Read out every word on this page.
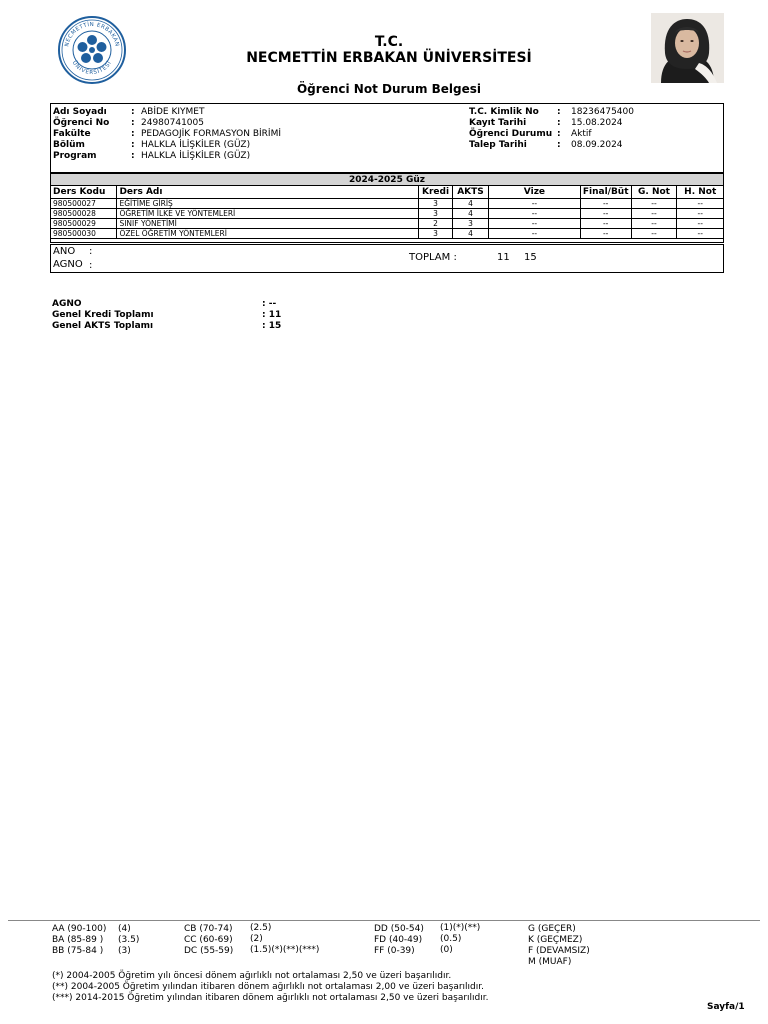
NECMETTİN ERBAKAN
ÜNİVERSİTESİ
T.C.
NECMETTİN ERBAKAN ÜNİVERSİTESİ
Öğrenci Not Durum Belgesi
Adı Soyadı	: ABİDE KIYMET
Öğrenci No : 24980741005
Fakülte	: PEDAGOJİK FORMASYON BİRİMİ
Bölüm	: HALKLA İLİŞKİLER (GÜZ)
Program	: HALKLA İLİŞKİLER (GÜZ)
T.C. Kimlik No : 18236475400
Kayıt Tarihi	: 15.08.2024
Öğrenci Durumu : Aktif
Talep Tarihi	: 08.09.2024
2024-2025 Güz
Ders Kodu	Ders Adı	Kredi	AKTS	Vize	Final/Büt	G. Not	H. Not
980500027	EĞİTİME GİRİŞ	3	4	--	--	--	--
980500028	ÖĞRETİM İLKE VE YÖNTEMLERİ	3	4	--	--	--	--
980500029	SINIF YÖNETİMİ	2	3	--	--	--	--
980500030	ÖZEL ÖĞRETİM YÖNTEMLERİ	3	4	--	--	--	--
ANO :
AGNO :
TOPLAM :	11 15
AGNO	: --
Genel Kredi Toplamı	: 11
Genel AKTS Toplamı	: 15
AA (90-100) (4)
BA (85-89 ) (3.5)
BB (75-84 ) (3)
CB (70-74) (2.5)
CC (60-69) (2)
DC (55-59) (1.5)(*)(**)(***)
DD (50-54) (1)(*)(**)
FD (40-49) (0.5)
FF (0-39)	(0)
G (GEÇER)
K (GEÇMEZ)
F (DEVAMSIZ)
M (MUAF)
(*) 2004-2005 Öğretim yılı öncesi dönem ağırlıklı not ortalaması 2,50 ve üzeri başarılıdır.
(**) 2004-2005 Öğretim yılından itibaren dönem ağırlıklı not ortalaması 2,00 ve üzeri başarılıdır.
(***) 2014-2015 Öğretim yılından itibaren dönem ağırlıklı not ortalaması 2,50 ve üzeri başarılıdır.
Sayfa/1
